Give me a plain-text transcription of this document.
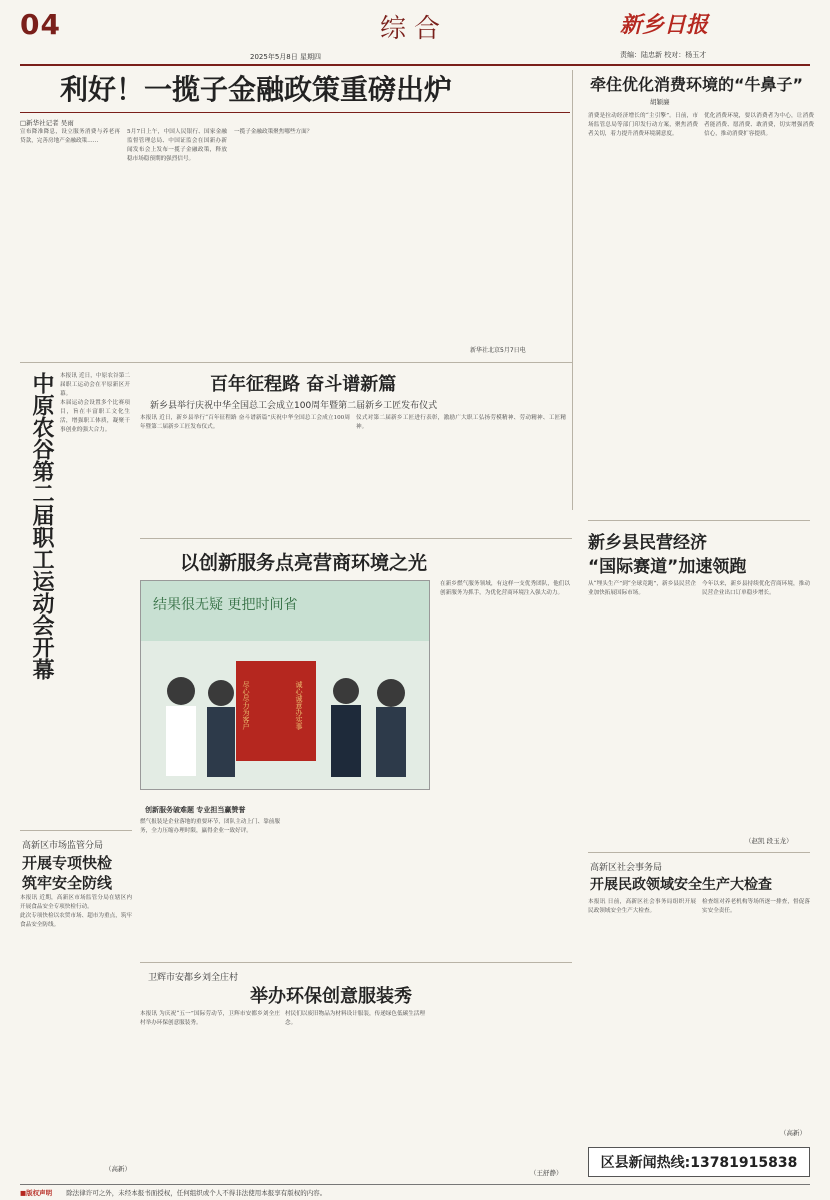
04
2025年5月8日 星期四
综合	新乡日报
责编：陆忠新 校对：杨玉才
利好！一揽子金融政策重磅出炉
□新华社记者 吴雨

宣布降准降息，设立服务消费与养老再贷款，完善房地产金融政策……

5月7日上午，中国人民银行、国家金融监督管理总局、中国证监会在国新办新闻发布会上发布一揽子金融政策，释放稳市场稳预期的强烈信号。

一揽子金融政策聚焦哪些方面？

新华社北京5月7日电
牵住优化消费环境的“牛鼻子”
胡颖廉

消费是拉动经济增长的“主引擎”。日前，市场监管总局等部门印发行动方案，聚焦消费者关切，着力提升消费环境满意度。

优化消费环境，要以消费者为中心，让消费者能消费、愿消费、敢消费，切实增强消费信心，推动消费扩容提质。

中原农谷第二届职工运动会开幕 本报讯 近日，中原农谷第二届职工运动会在平原新区开幕。

本届运动会设置多个比赛项目，旨在丰富职工文化生活，增强职工体质，凝聚干事创业的强大合力。

百年征程路 奋斗谱新篇
新乡县举行庆祝中华全国总工会成立100周年暨第二届新乡工匠发布仪式

本报讯 近日，新乡县举行“百年征程路 奋斗谱新篇”庆祝中华全国总工会成立100周年暨第二届新乡工匠发布仪式。

仪式对第二届新乡工匠进行表彰，激励广大职工弘扬劳模精神、劳动精神、工匠精神。

以创新服务点亮营商环境之光
结果很无疑 更把时间省
尽心尽力为客户	诚心诚意办实事

在新乡燃气服务领域，有这样一支优秀团队，他们以创新服务为抓手，为优化营商环境注入强大动力。

创新服务破难题 专业担当赢赞誉

燃气报装是企业落地的重要环节，团队主动上门、靠前服务，全力压缩办理时限，赢得企业一致好评。

新乡县民营经济
“国际赛道”加速领跑

从“埋头生产”到“全球竞跑”，新乡县民营企业加快拓展国际市场。

今年以来，新乡县持续优化营商环境，推动民营企业出口订单稳步增长。

（赵凯 段玉龙）
高新区市场监管分局
开展专项快检
筑牢安全防线

本报讯 近期，高新区市场监管分局在辖区内开展食品安全专项快检行动。

此次专项快检以农贸市场、超市为重点，筑牢食品安全防线。

（高新）
卫辉市安都乡刘全庄村
举办环保创意服装秀

本报讯 为庆祝“五一”国际劳动节，卫辉市安都乡刘全庄村举办环保创意服装秀。

村民们以废旧物品为材料设计服装，传递绿色低碳生活理念。

（王舒静）
高新区社会事务局
开展民政领域安全生产大检查

本报讯 日前，高新区社会事务局组织开展民政领域安全生产大检查。

检查组对养老机构等场所逐一排查，督促落实安全责任。

（高新）
区县新闻热线:13781915838
■版权声明 除法律许可之外，未经本报书面授权，任何组织或个人不得非法使用本报享有版权的内容。
